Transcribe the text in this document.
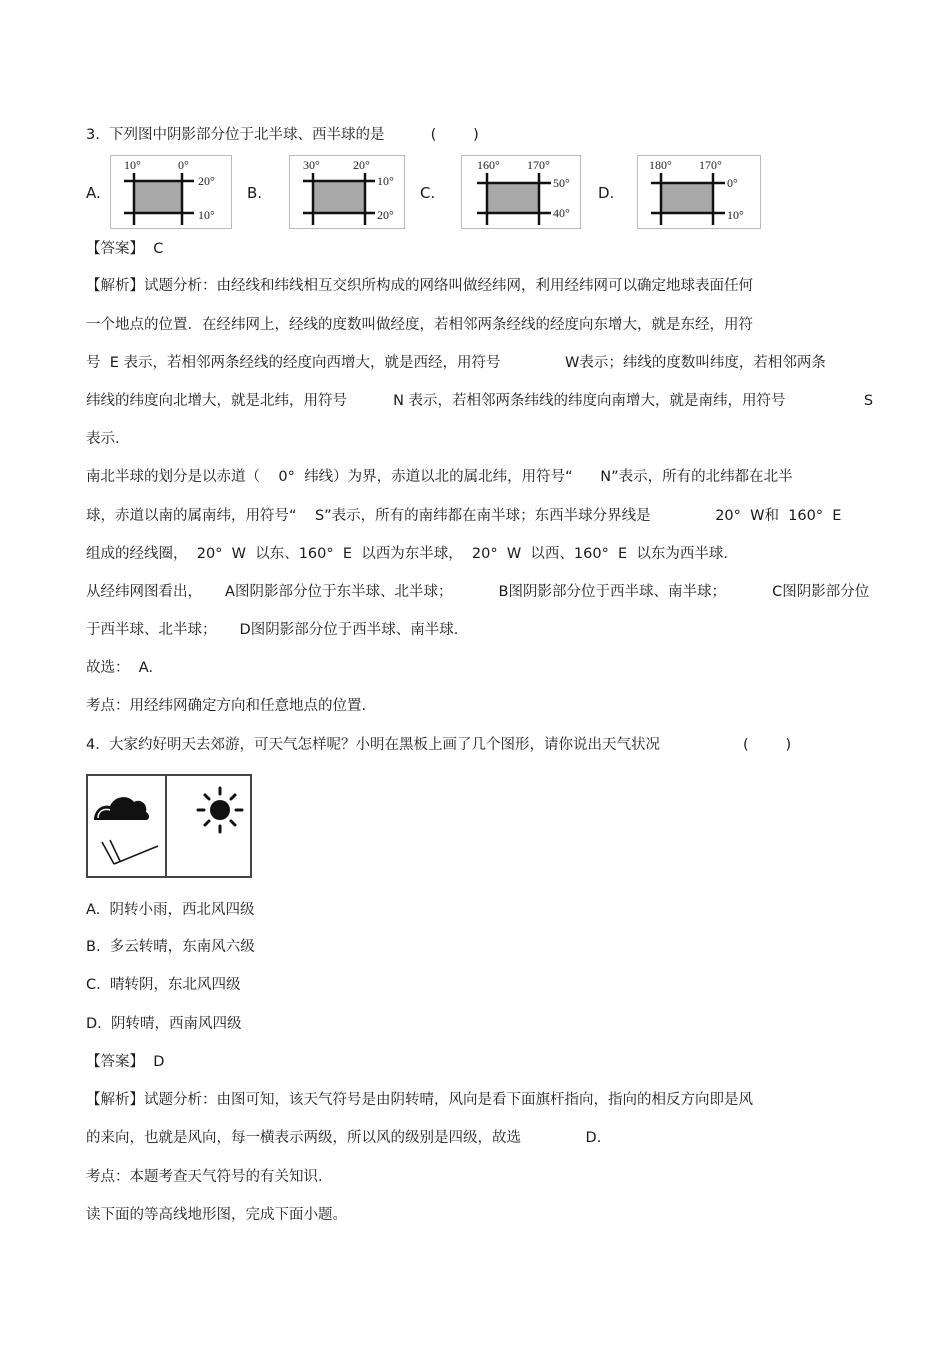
3.  下列图中阴影部分位于北半球、西半球的是          (        )
A.	B.	C.	D.
10°	0°
20°
10°
30°	20°
10°
20°
160° 170°
50°
40°
180° 170°
0°
10°
【答案】  C
【解析】试题分析：由经线和纬线相互交织所构成的网络叫做经纬网，利用经纬网可以确定地球表面任何
一个地点的位置．在经纬网上，经线的度数叫做经度，若相邻两条经线的经度向东增大，就是东经，用符
号  E 表示，若相邻两条经线的经度向西增大，就是西经，用符号              W表示；纬线的度数叫纬度，若相邻两条
纬线的纬度向北增大，就是北纬，用符号          N 表示，若相邻两条纬线的纬度向南增大，就是南纬，用符号                 S
表示.
南北半球的划分是以赤道（    0°  纬线）为界，赤道以北的属北纬，用符号“      N”表示，所有的北纬都在北半
球，赤道以南的属南纬，用符号“    S”表示，所有的南纬都在南半球；东西半球分界线是              20°  W和  160°  E
组成的经线圈，  20°  W  以东、160°  E  以西为东半球，  20°  W  以西、160°  E  以东为西半球.
从经纬网图看出，     A图阴影部分位于东半球、北半球；          B图阴影部分位于西半球、南半球；          C图阴影部分位
于西半球、北半球；     D图阴影部分位于西半球、南半球.
故选：  A.
考点：用经纬网确定方向和任意地点的位置.
4.  大家约好明天去郊游，可天气怎样呢？小明在黑板上画了几个图形，请你说出天气状况                  (        )
A.  阴转小雨，西北风四级
B.  多云转晴，东南风六级
C.  晴转阴，东北风四级
D.  阴转晴，西南风四级
【答案】  D
【解析】试题分析：由图可知，该天气符号是由阴转晴，风向是看下面旗杆指向，指向的相反方向即是风
的来向，也就是风向，每一横表示两级，所以风的级别是四级，故选              D.
考点：本题考查天气符号的有关知识.
读下面的等高线地形图，完成下面小题。
